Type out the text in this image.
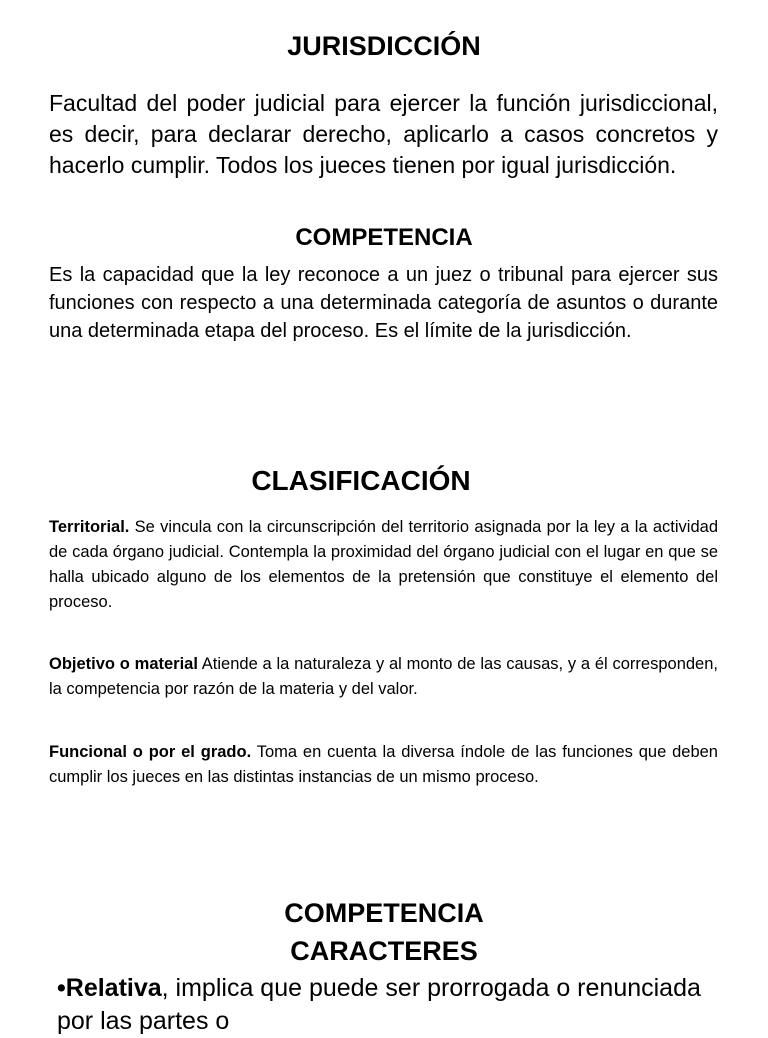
JURISDICCIÓN

Facultad del poder judicial para ejercer la función jurisdiccional, es decir, para declarar derecho, aplicarlo a casos concretos y hacerlo cumplir. Todos los jueces tienen por igual jurisdicción.

COMPETENCIA

Es la capacidad que la ley reconoce a un juez o tribunal para ejercer sus funciones con respecto a una determinada categoría de asuntos o durante una determinada etapa del proceso. Es el límite de la jurisdicción.

CLASIFICACIÓN

Territorial. Se vincula con la circunscripción del territorio asignada por la ley a la actividad de cada órgano judicial. Contempla la proximidad del órgano judicial con el lugar en que se halla ubicado alguno de los elementos de la pretensión que constituye el elemento del proceso.

Objetivo o material Atiende a la naturaleza y al monto de las causas, y a él corresponden, la competencia por razón de la materia y del valor.

Funcional o por el grado. Toma en cuenta la diversa índole de las funciones que deben cumplir los jueces en las distintas instancias de un mismo proceso.

COMPETENCIA
CARACTERES
•Relativa, implica que puede ser prorrogada o renunciada por las partes o
